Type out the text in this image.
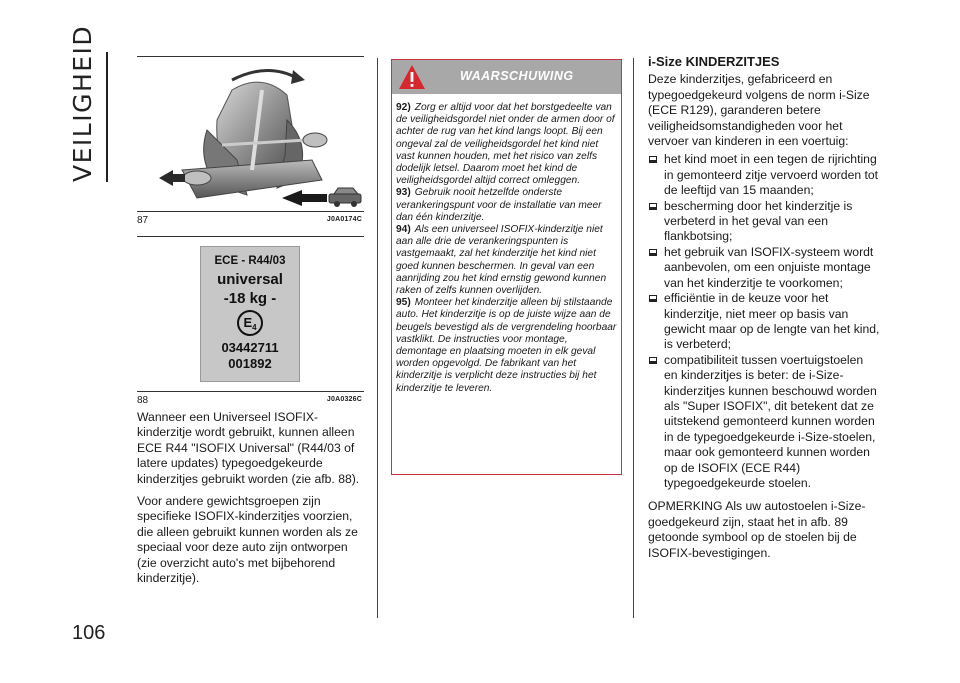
VEILIGHEID
87	J0A0174C
ECE - R44/03
universal
-18 kg -
$E_4$
03442711
001892
88	J0A0326C

Wanneer een Universeel ISOFIX-kinderzitje wordt gebruikt, kunnen alleen ECE R44 "ISOFIX Universal" (R44/03 of latere updates) typegoedgekeurde kinderzitjes gebruikt worden (zie afb. 88).

Voor andere gewichtsgroepen zijn specifieke ISOFIX-kinderzitjes voorzien, die alleen gebruikt kunnen worden als ze speciaal voor deze auto zijn ontworpen (zie overzicht auto's met bijbehorend kinderzitje).

WAARSCHUWING
92) Zorg er altijd voor dat het borstgedeelte van de veiligheidsgordel niet onder de armen door of achter de rug van het kind langs loopt. Bij een ongeval zal de veiligheidsgordel het kind niet vast kunnen houden, met het risico van zelfs dodelijk letsel. Daarom moet het kind de veiligheidsgordel altijd correct omleggen.
93) Gebruik nooit hetzelfde onderste verankeringspunt voor de installatie van meer dan één kinderzitje.
94) Als een universeel ISOFIX-kinderzitje niet aan alle drie de verankeringspunten is vastgemaakt, zal het kinderzitje het kind niet goed kunnen beschermen. In geval van een aanrijding zou het kind ernstig gewond kunnen raken of zelfs kunnen overlijden.
95) Monteer het kinderzitje alleen bij stilstaande auto. Het kinderzitje is op de juiste wijze aan de beugels bevestigd als de vergrendeling hoorbaar vastklikt. De instructies voor montage, demontage en plaatsing moeten in elk geval worden opgevolgd. De fabrikant van het kinderzitje is verplicht deze instructies bij het kinderzitje te leveren.
i-Size KINDERZITJES

Deze kinderzitjes, gefabriceerd en typegoedgekeurd volgens de norm i-Size (ECE R129), garanderen betere veiligheidsomstandigheden voor het vervoer van kinderen in een voertuig:

het kind moet in een tegen de rijrichting in gemonteerd zitje vervoerd worden tot de leeftijd van 15 maanden;
bescherming door het kinderzitje is verbeterd in het geval van een flankbotsing;
het gebruik van ISOFIX-systeem wordt aanbevolen, om een onjuiste montage van het kinderzitje te voorkomen;
efficiëntie in de keuze voor het kinderzitje, niet meer op basis van gewicht maar op de lengte van het kind, is verbeterd;
compatibiliteit tussen voertuigstoelen en kinderzitjes is beter: de i-Size-kinderzitjes kunnen beschouwd worden als "Super ISOFIX", dit betekent dat ze uitstekend gemonteerd kunnen worden in de typegoedgekeurde i-Size-stoelen, maar ook gemonteerd kunnen worden op de ISOFIX (ECE R44) typegoedgekeurde stoelen.

OPMERKING Als uw autostoelen i-Size-goedgekeurd zijn, staat het in afb. 89 getoonde symbool op de stoelen bij de ISOFIX-bevestigingen.

106
